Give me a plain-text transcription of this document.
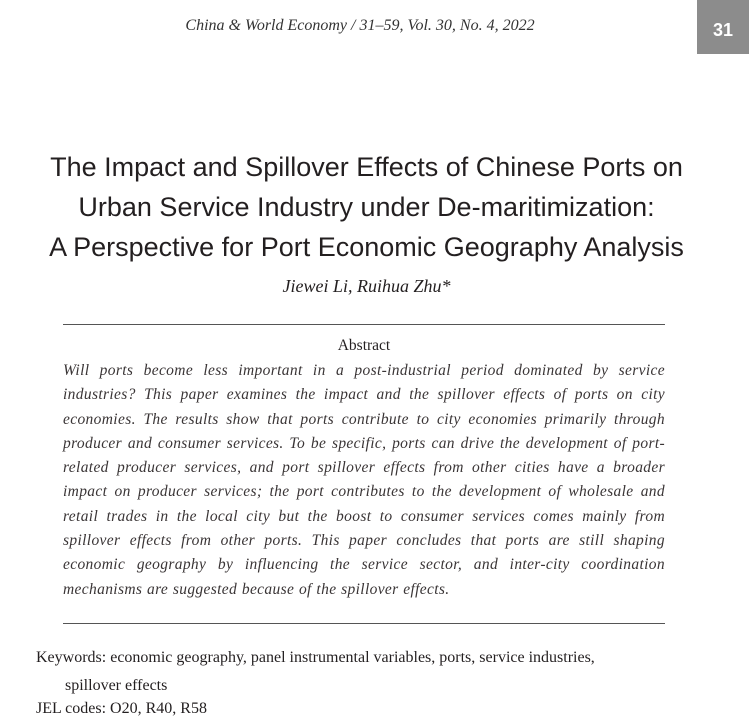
China & World Economy / 31–59, Vol. 30, No. 4, 2022	31
The Impact and Spillover Effects of Chinese Ports on
Urban Service Industry under De-maritimization:
A Perspective for Port Economic Geography Analysis
Jiewei Li, Ruihua Zhu*
Abstract

Will ports become less important in a post-industrial period dominated by service industries? This paper examines the impact and the spillover effects of ports on city economies. The results show that ports contribute to city economies primarily through producer and consumer services. To be specific, ports can drive the development of port-related producer services, and port spillover effects from other cities have a broader impact on producer services; the port contributes to the development of wholesale and retail trades in the local city but the boost to consumer services comes mainly from spillover effects from other ports. This paper concludes that ports are still shaping economic geography by influencing the service sector, and inter-city coordination mechanisms are suggested because of the spillover effects.

Keywords: economic geography, panel instrumental variables, ports, service industries,
spillover effects
JEL codes: O20, R40, R58
